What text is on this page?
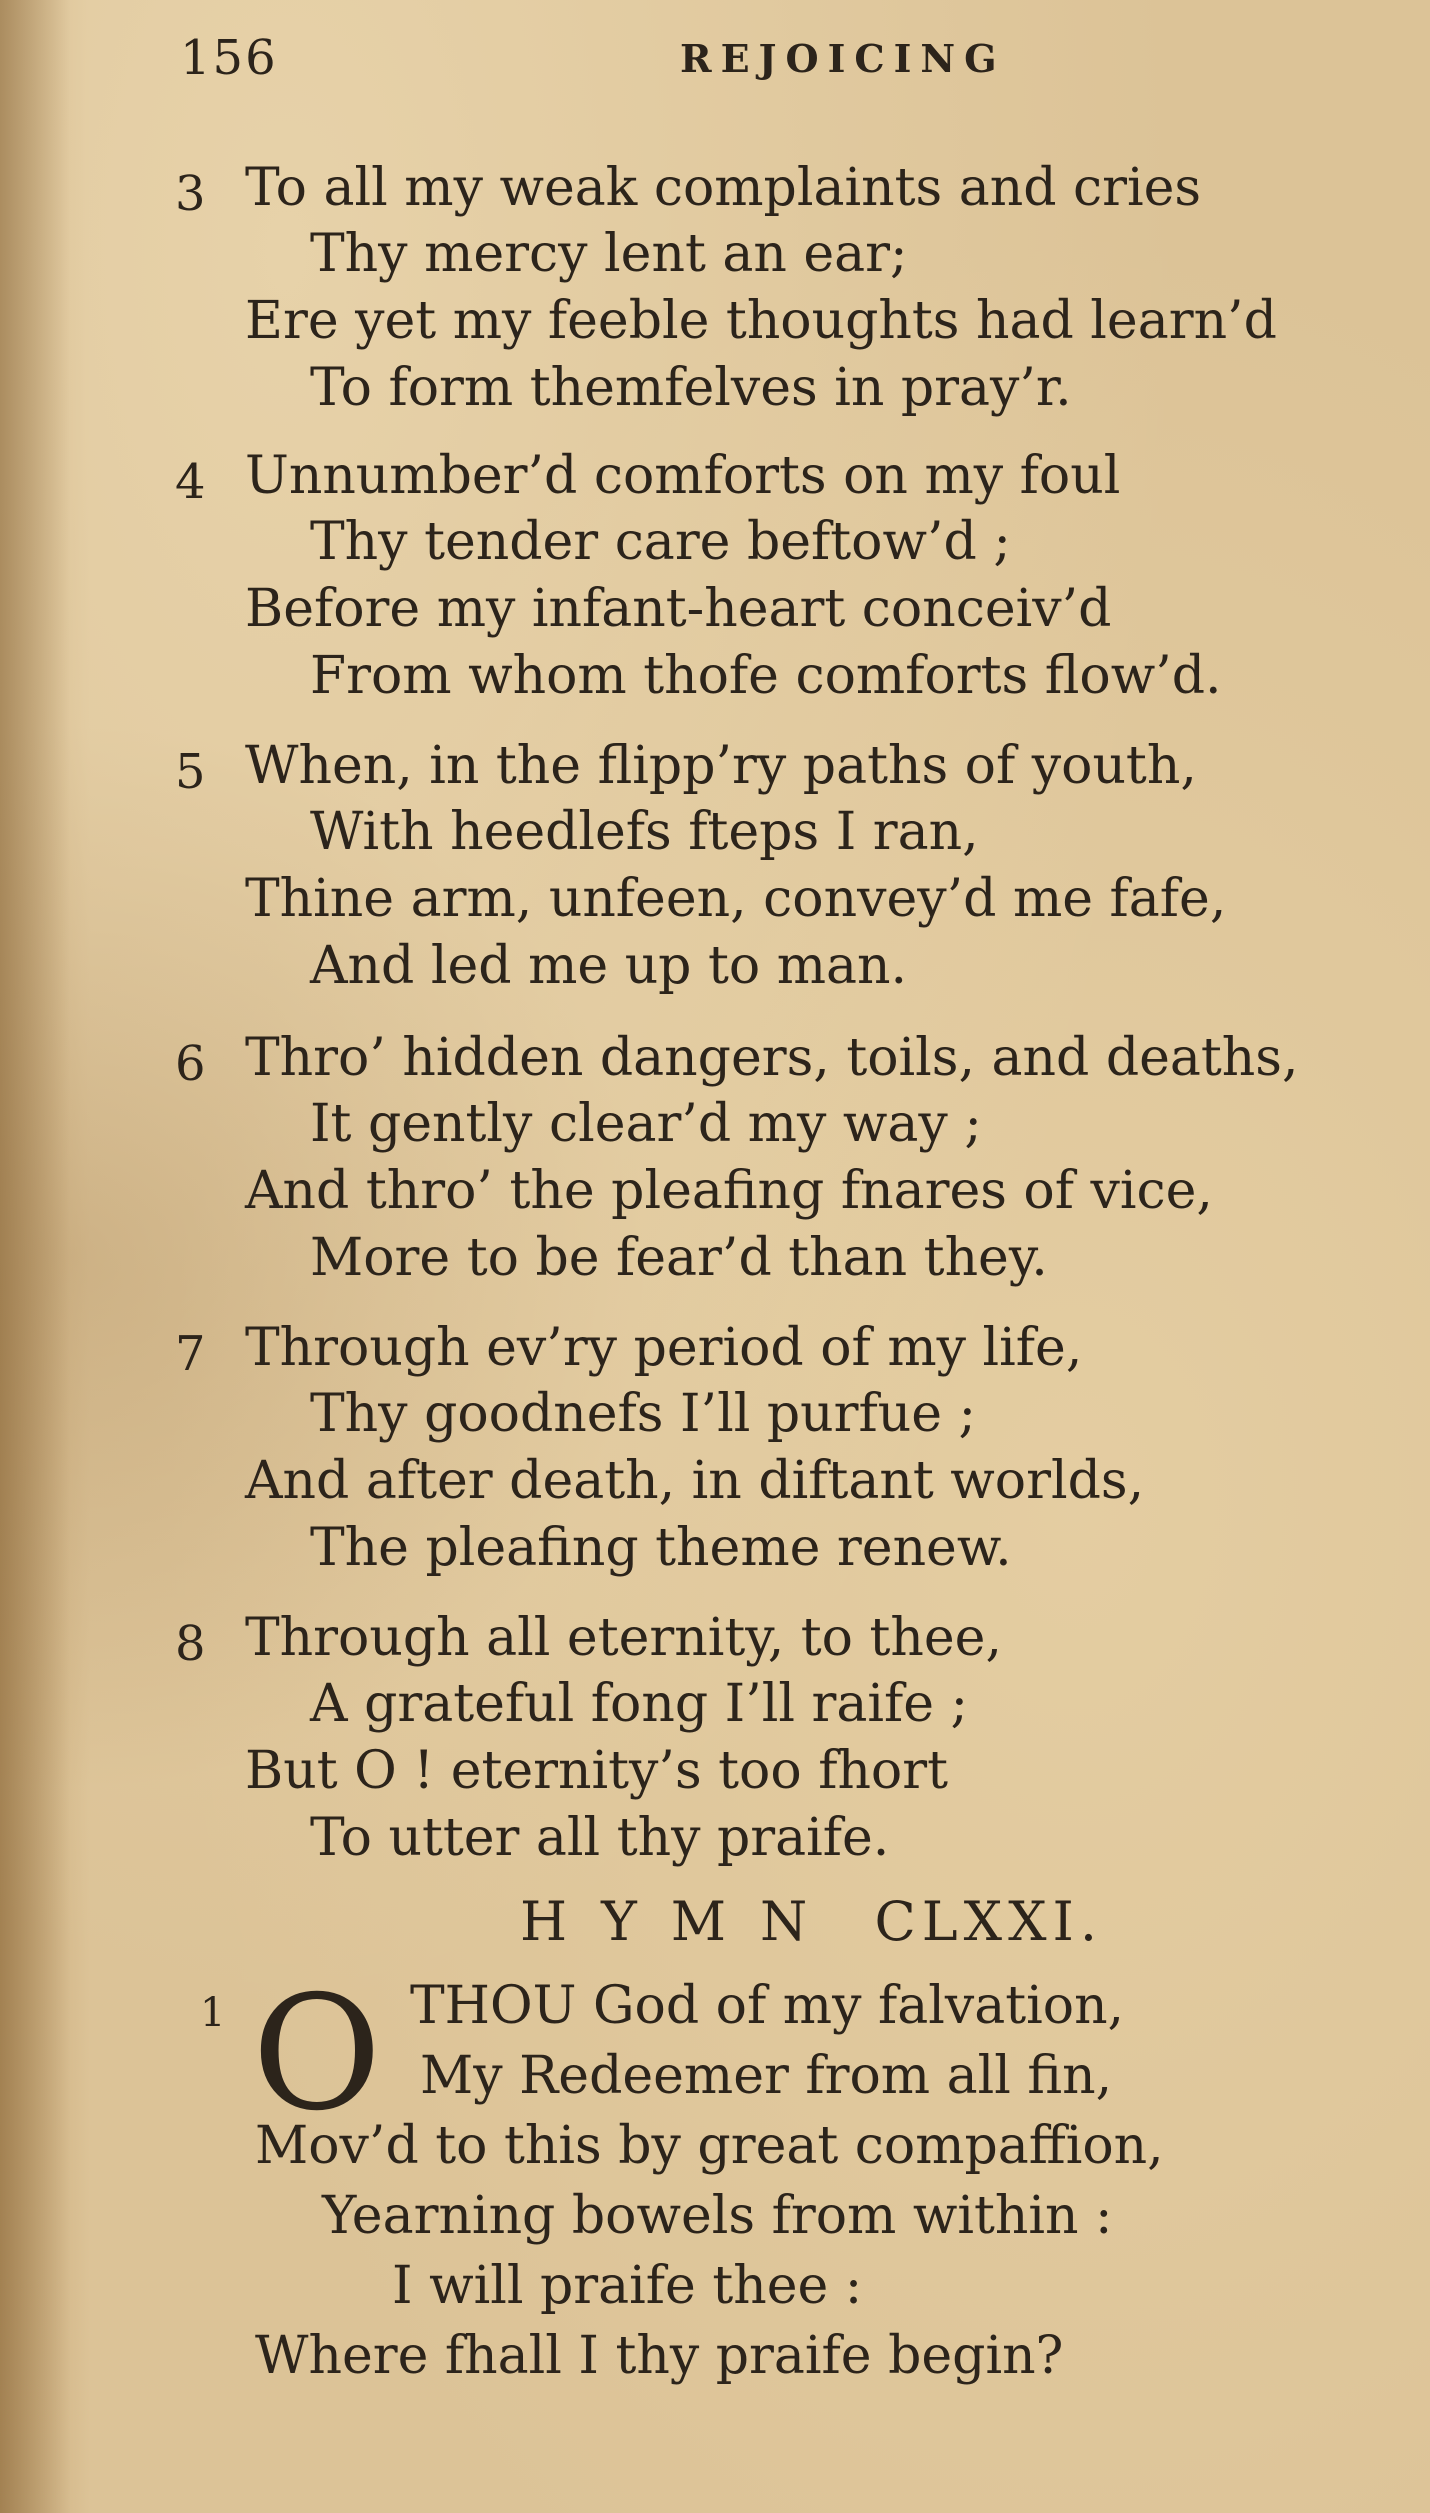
156	REJOICING
3 To all my weak complaints and cries
Thy mercy lent an ear;
Ere yet my feeble thoughts had learn’d
To form themfelves in pray’r.
4 Unnumber’d comforts on my foul
Thy tender care beftow’d ;
Before my infant-heart conceiv’d
From whom thofe comforts flow’d.
5 When, in the flipp’ry paths of youth,
With heedlefs fteps I ran,
Thine arm, unfeen, convey’d me fafe,
And led me up to man.
6 Thro’ hidden dangers, toils, and deaths,
It gently clear’d my way ;
And thro’ the pleafing fnares of vice,
More to be fear’d than they.
7 Through ev’ry period of my life,
Thy goodnefs I’ll purfue ;
And after death, in diftant worlds,
The pleafing theme renew.
8 Through all eternity, to thee,
A grateful fong I’ll raife ;
But O ! eternity’s too fhort
To utter all thy praife.
HYMN CLXXI.
1 O THOU God of my falvation,
My Redeemer from all fin,
Mov’d to this by great compaffion,
Yearning bowels from within :
I will praife thee :
Where fhall I thy praife begin?
